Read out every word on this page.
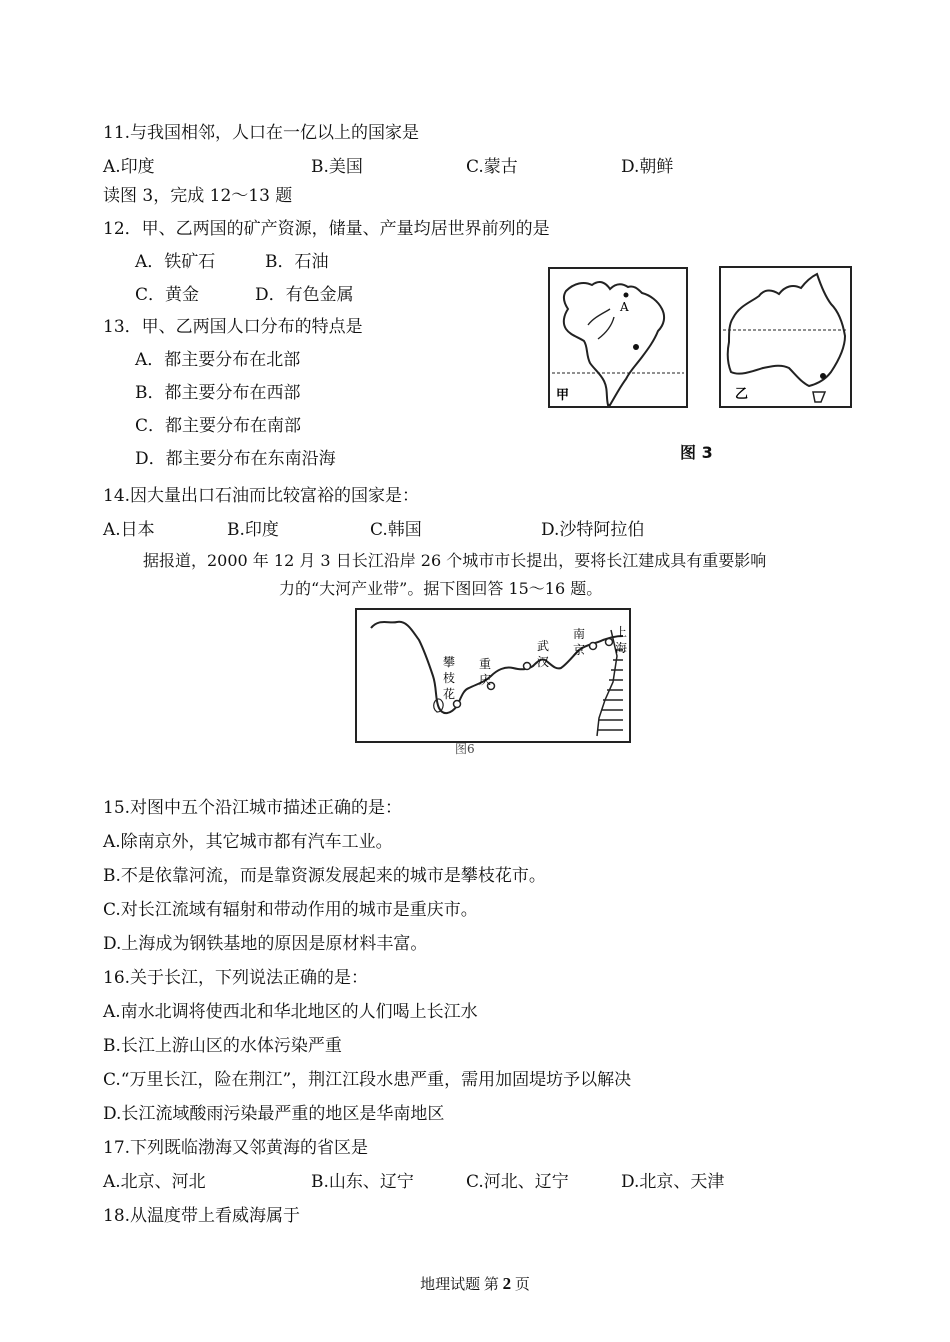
11.与我国相邻，人口在一亿以上的国家是
A.印度	B.美国	C.蒙古	D.朝鲜
读图 3，完成 12～13 题
12．甲、乙两国的矿产资源，储量、产量均居世界前列的是
A．铁矿石	B．石油
C．黄金	D．有色金属
13．甲、乙两国人口分布的特点是
A．都主要分布在北部
B．都主要分布在西部
C．都主要分布在南部
D．都主要分布在东南沿海
A
甲	乙
图 3
14.因大量出口石油而比较富裕的国家是：
A.日本	B.印度	C.韩国	D.沙特阿拉伯
据报道，2000 年 12 月 3 日长江沿岸 26 个城市市长提出，要将长江建成具有重要影响
力的“大河产业带”。据下图回答 15～16 题。
攀枝花
重庆
武汉
南京
上海
图6
15.对图中五个沿江城市描述正确的是：
A.除南京外，其它城市都有汽车工业。
B.不是依靠河流，而是靠资源发展起来的城市是攀枝花市。
C.对长江流域有辐射和带动作用的城市是重庆市。
D.上海成为钢铁基地的原因是原材料丰富。
16.关于长江，下列说法正确的是：
A.南水北调将使西北和华北地区的人们喝上长江水
B.长江上游山区的水体污染严重
C.“万里长江，险在荆江”，荆江江段水患严重，需用加固堤坊予以解决
D.长江流域酸雨污染最严重的地区是华南地区
17.下列既临渤海又邻黄海的省区是
A.北京、河北	B.山东、辽宁	C.河北、辽宁	D.北京、天津
18.从温度带上看威海属于
地理试题 第 2 页
